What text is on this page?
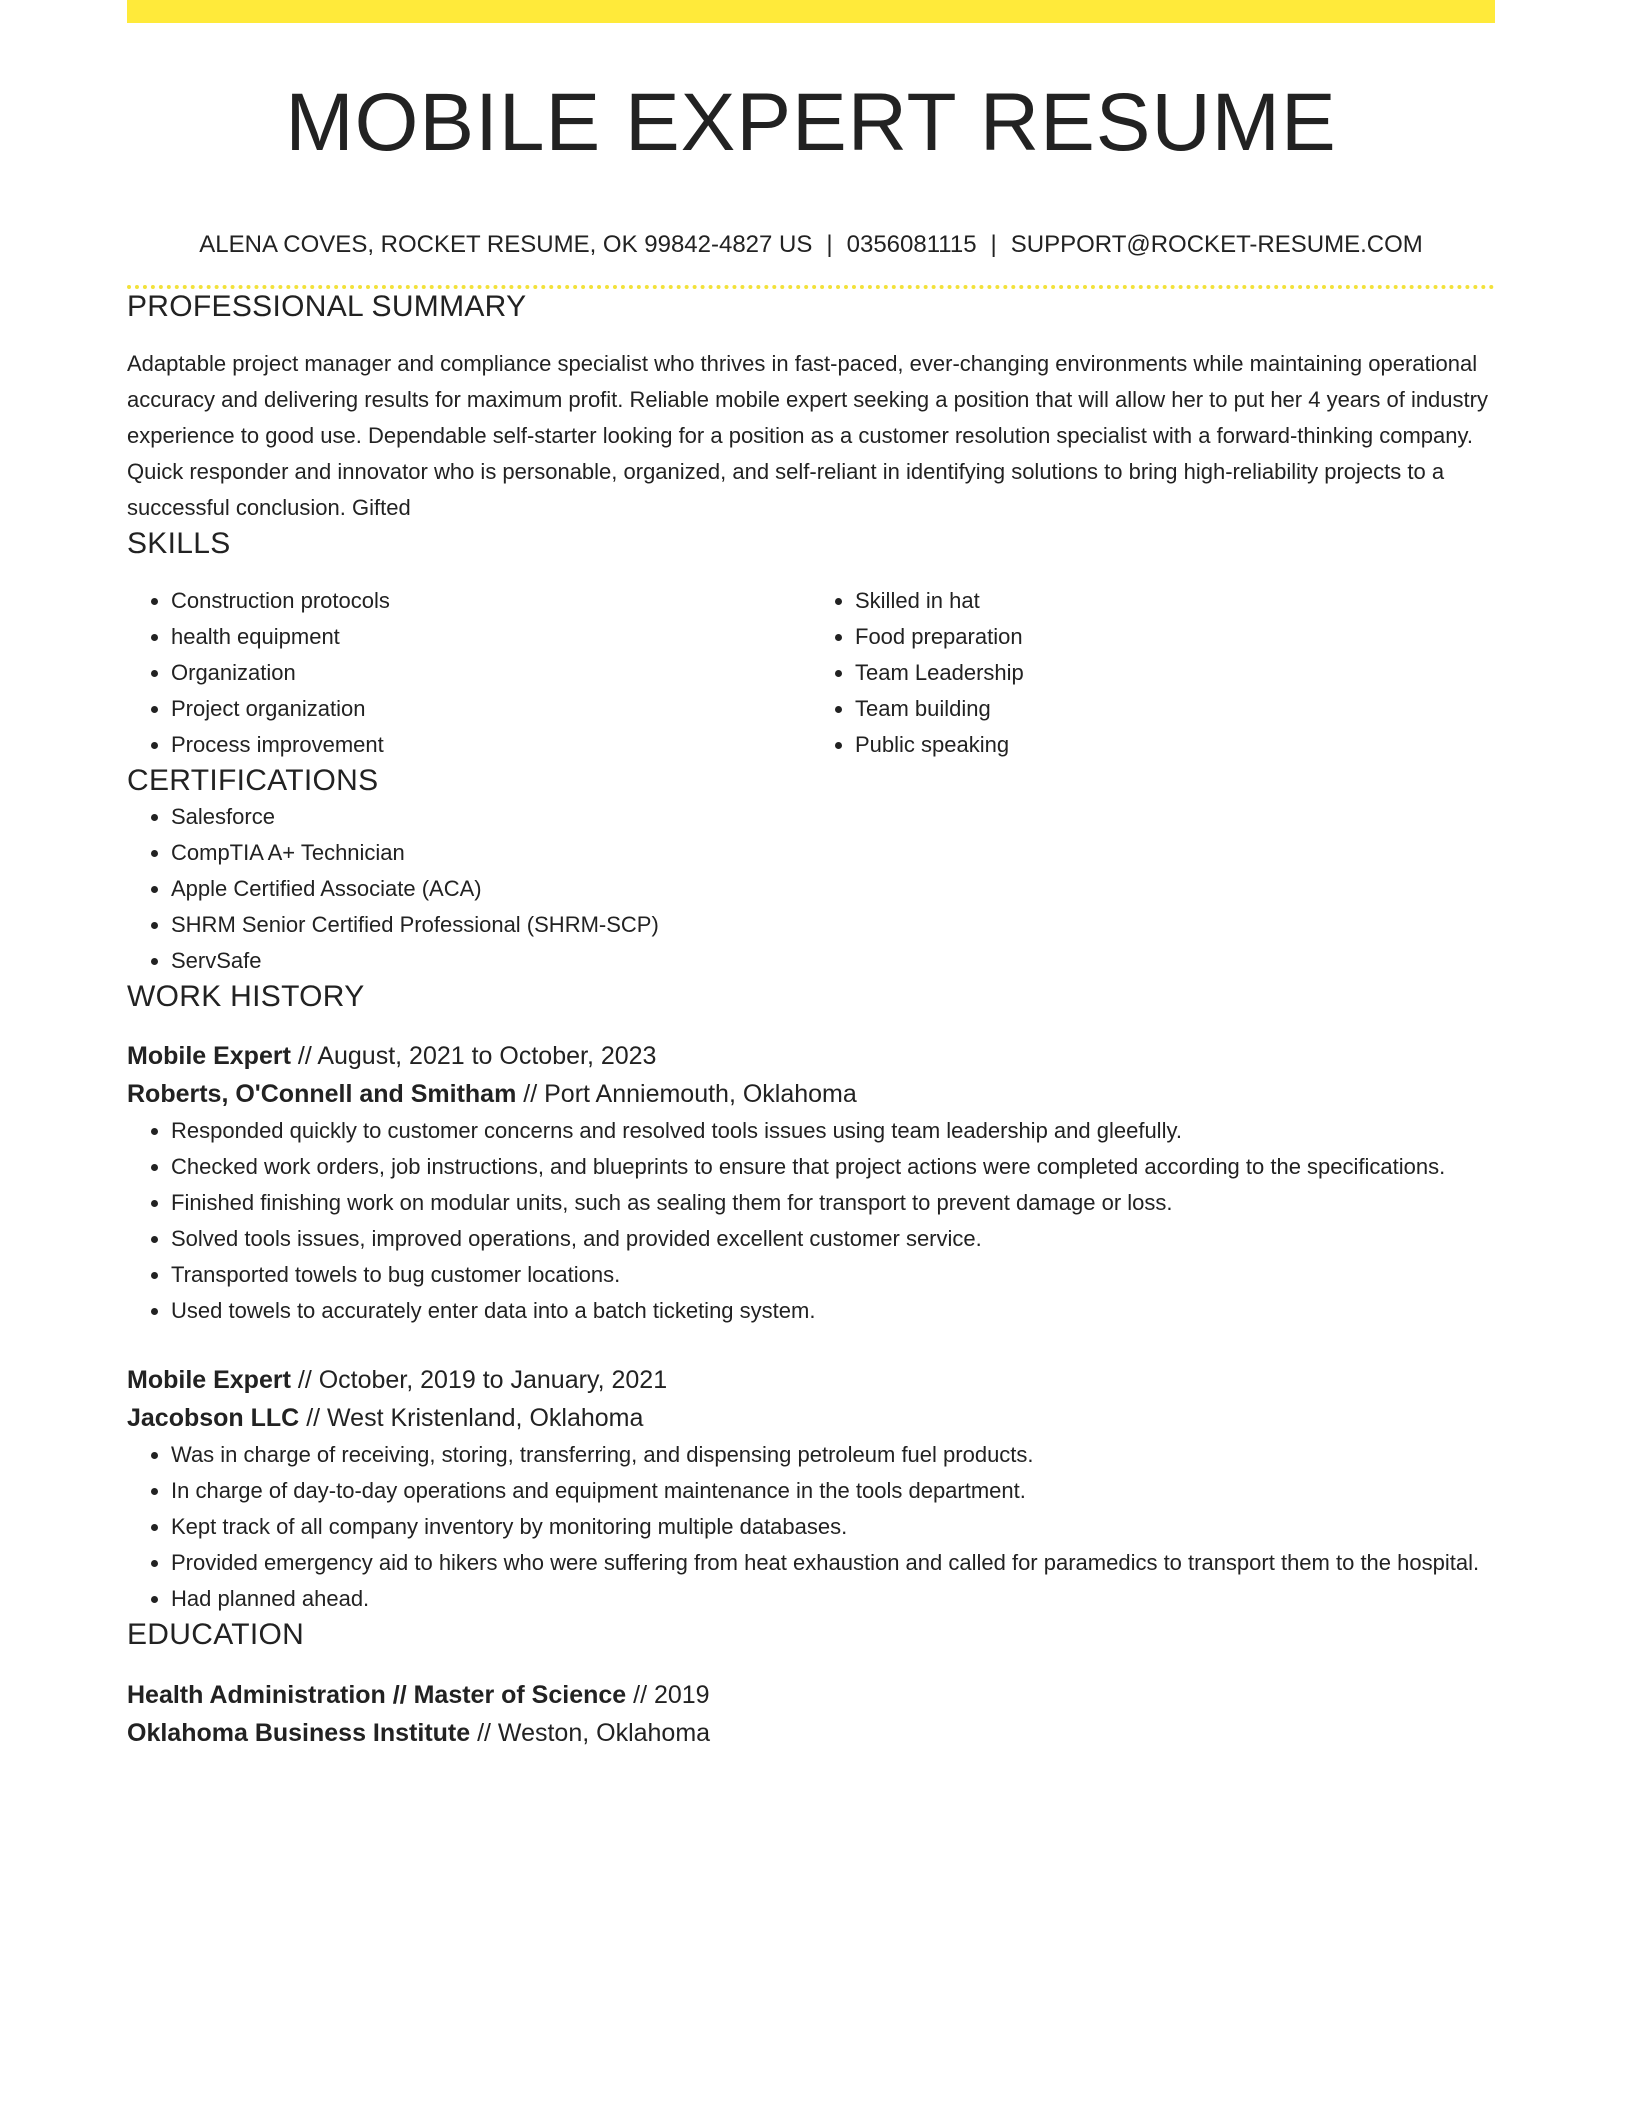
MOBILE EXPERT RESUME
ALENA COVES, ROCKET RESUME, OK 99842-4827 US | 0356081115 | SUPPORT@ROCKET-RESUME.COM
PROFESSIONAL SUMMARY

Adaptable project manager and compliance specialist who thrives in fast-paced, ever-changing environments while maintaining operational accuracy and delivering results for maximum profit. Reliable mobile expert seeking a position that will allow her to put her 4 years of industry experience to good use. Dependable self-starter looking for a position as a customer resolution specialist with a forward-thinking company. Quick responder and innovator who is personable, organized, and self-reliant in identifying solutions to bring high-reliability projects to a successful conclusion. Gifted

SKILLS
• Construction protocols
• health equipment
• Organization
• Project organization
• Process improvement
• Skilled in hat
• Food preparation
• Team Leadership
• Team building
• Public speaking
CERTIFICATIONS
• Salesforce
• CompTIA A+ Technician
• Apple Certified Associate (ACA)
• SHRM Senior Certified Professional (SHRM-SCP)
• ServSafe
WORK HISTORY
Mobile Expert // August, 2021 to October, 2023
Roberts, O'Connell and Smitham // Port Anniemouth, Oklahoma
• Responded quickly to customer concerns and resolved tools issues using team leadership and gleefully.
• Checked work orders, job instructions, and blueprints to ensure that project actions were completed according to the specifications.
• Finished finishing work on modular units, such as sealing them for transport to prevent damage or loss.
• Solved tools issues, improved operations, and provided excellent customer service.
• Transported towels to bug customer locations.
• Used towels to accurately enter data into a batch ticketing system.
Mobile Expert // October, 2019 to January, 2021
Jacobson LLC // West Kristenland, Oklahoma
• Was in charge of receiving, storing, transferring, and dispensing petroleum fuel products.
• In charge of day-to-day operations and equipment maintenance in the tools department.
• Kept track of all company inventory by monitoring multiple databases.
• Provided emergency aid to hikers who were suffering from heat exhaustion and called for paramedics to transport them to the hospital.
• Had planned ahead.
EDUCATION
Health Administration // Master of Science // 2019
Oklahoma Business Institute // Weston, Oklahoma
